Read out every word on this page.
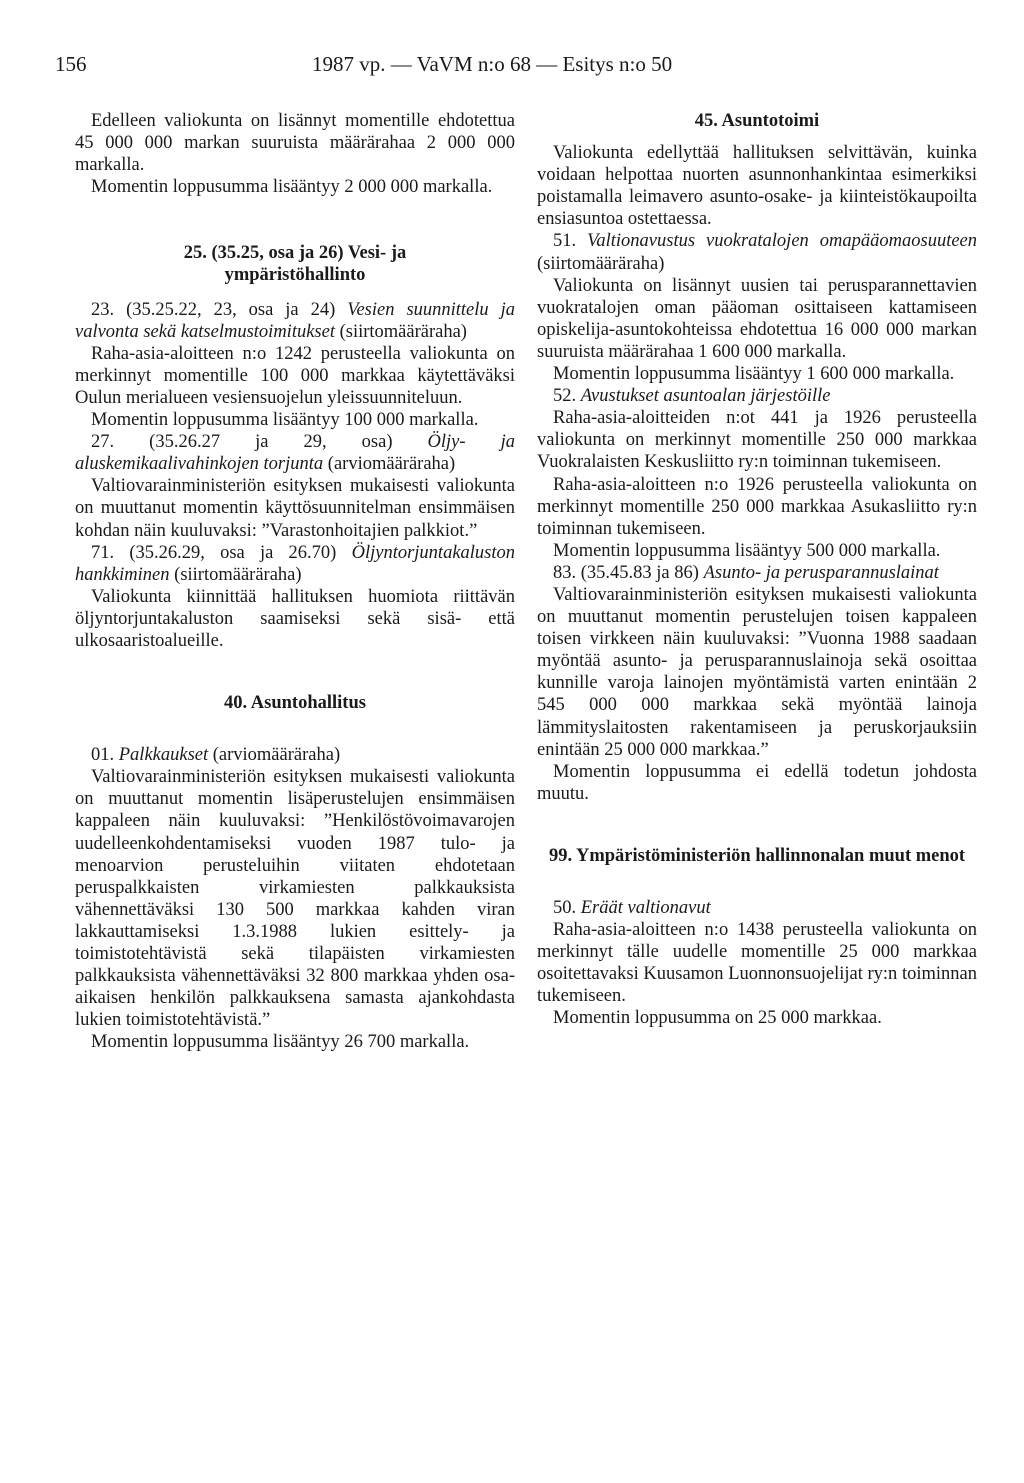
156	1987 vp. — VaVM n:o 68 — Esitys n:o 50

Edelleen valiokunta on lisännyt momentille ehdotettua 45 000 000 markan suuruista määrärahaa 2 000 000 markalla.

Momentin loppusumma lisääntyy 2 000 000 markalla.

25. (35.25, osa ja 26) Vesi- ja ympäristöhallinto

23. (35.25.22, 23, osa ja 24) Vesien suunnittelu ja valvonta sekä katselmustoimitukset (siirtomääräraha)

Raha-asia-aloitteen n:o 1242 perusteella valiokunta on merkinnyt momentille 100 000 markkaa käytettäväksi Oulun merialueen vesiensuojelun yleissuunniteluun.

Momentin loppusumma lisääntyy 100 000 markalla.

27. (35.26.27 ja 29, osa) Öljy- ja aluskemikaalivahinkojen torjunta (arviomääräraha)

Valtiovarainministeriön esityksen mukaisesti valiokunta on muuttanut momentin käyttösuunnitelman ensimmäisen kohdan näin kuuluvaksi: ”Varastonhoitajien palkkiot.”

71. (35.26.29, osa ja 26.70) Öljyntorjuntakaluston hankkiminen (siirtomääräraha)

Valiokunta kiinnittää hallituksen huomiota riittävän öljyntorjuntakaluston saamiseksi sekä sisä- että ulkosaaristoalueille.

40. Asuntohallitus

01. Palkkaukset (arviomääräraha)

Valtiovarainministeriön esityksen mukaisesti valiokunta on muuttanut momentin lisäperustelujen ensimmäisen kappaleen näin kuuluvaksi: ”Henkilöstövoimavarojen uudelleenkohdentamiseksi vuoden 1987 tulo- ja menoarvion perusteluihin viitaten ehdotetaan peruspalkkaisten virkamiesten palkkauksista vähennettäväksi 130 500 markkaa kahden viran lakkauttamiseksi 1.3.1988 lukien esittely- ja toimistotehtävistä sekä tilapäisten virkamiesten palkkauksista vähennettäväksi 32 800 markkaa yhden osa-aikaisen henkilön palkkauksena samasta ajankohdasta lukien toimistotehtävistä.”

Momentin loppusumma lisääntyy 26 700 markalla.

45. Asuntotoimi

Valiokunta edellyttää hallituksen selvittävän, kuinka voidaan helpottaa nuorten asunnonhankintaa esimerkiksi poistamalla leimavero asunto-osake- ja kiinteistökaupoilta ensiasuntoa ostettaessa.

51. Valtionavustus vuokratalojen omapääomaosuuteen (siirtomääräraha)

Valiokunta on lisännyt uusien tai perusparannettavien vuokratalojen oman pääoman osittaiseen kattamiseen opiskelija-asuntokohteissa ehdotettua 16 000 000 markan suuruista määrärahaa 1 600 000 markalla.

Momentin loppusumma lisääntyy 1 600 000 markalla.

52. Avustukset asuntoalan järjestöille

Raha-asia-aloitteiden n:ot 441 ja 1926 perusteella valiokunta on merkinnyt momentille 250 000 markkaa Vuokralaisten Keskusliitto ry:n toiminnan tukemiseen.

Raha-asia-aloitteen n:o 1926 perusteella valiokunta on merkinnyt momentille 250 000 markkaa Asukasliitto ry:n toiminnan tukemiseen.

Momentin loppusumma lisääntyy 500 000 markalla.

83. (35.45.83 ja 86) Asunto- ja perusparannuslainat

Valtiovarainministeriön esityksen mukaisesti valiokunta on muuttanut momentin perustelujen toisen kappaleen toisen virkkeen näin kuuluvaksi: ”Vuonna 1988 saadaan myöntää asunto- ja perusparannuslainoja sekä osoittaa kunnille varoja lainojen myöntämistä varten enintään 2 545 000 000 markkaa sekä myöntää lainoja lämmityslaitosten rakentamiseen ja peruskorjauksiin enintään 25 000 000 markkaa.”

Momentin loppusumma ei edellä todetun johdosta muutu.

99. Ympäristöministeriön hallinnonalan muut menot

50. Eräät valtionavut

Raha-asia-aloitteen n:o 1438 perusteella valiokunta on merkinnyt tälle uudelle momentille 25 000 markkaa osoitettavaksi Kuusamon Luonnonsuojelijat ry:n toiminnan tukemiseen.

Momentin loppusumma on 25 000 markkaa.
